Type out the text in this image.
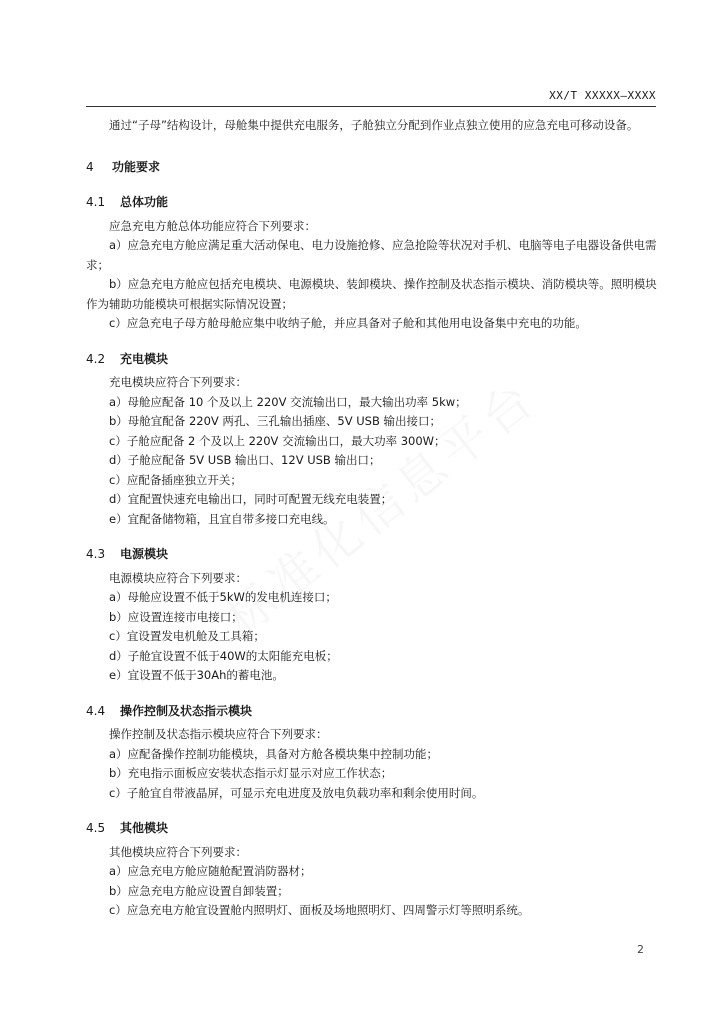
XX/T XXXXX—XXXX

通过“子母”结构设计，母舱集中提供充电服务，子舱独立分配到作业点独立使用的应急充电可移动设备。

4 功能要求
4.1 总体功能

应急充电方舱总体功能应符合下列要求：

a）应急充电方舱应满足重大活动保电、电力设施抢修、应急抢险等状况对手机、电脑等电子电器设备供电需求；

b）应急充电方舱应包括充电模块、电源模块、装卸模块、操作控制及状态指示模块、消防模块等。照明模块作为辅助功能模块可根据实际情况设置；

c）应急充电子母方舱母舱应集中收纳子舱，并应具备对子舱和其他用电设备集中充电的功能。

4.2 充电模块

充电模块应符合下列要求：

a）母舱应配备 10 个及以上 220V 交流输出口，最大输出功率 5kw；

b）母舱宜配备 220V 两孔、三孔输出插座、5V USB 输出接口；

c）子舱应配备 2 个及以上 220V 交流输出口，最大功率 300W；

d）子舱应配备 5V USB 输出口、12V USB 输出口；

c）应配备插座独立开关；

d）宜配置快速充电输出口，同时可配置无线充电装置；

e）宜配备储物箱，且宜自带多接口充电线。

4.3 电源模块

电源模块应符合下列要求：

a）母舱应设置不低于5kW的发电机连接口；

b）应设置连接市电接口；

c）宜设置发电机舱及工具箱；

d）子舱宜设置不低于40W的太阳能充电板；

e）宜设置不低于30Ah的蓄电池。

4.4 操作控制及状态指示模块

操作控制及状态指示模块应符合下列要求：

a）应配备操作控制功能模块，具备对方舱各模块集中控制功能；

b）充电指示面板应安装状态指示灯显示对应工作状态；

c）子舱宜自带液晶屏，可显示充电进度及放电负载功率和剩余使用时间。

4.5 其他模块

其他模块应符合下列要求：

a）应急充电方舱应随舱配置消防器材；

b）应急充电方舱应设置自卸装置；

c）应急充电方舱宜设置舱内照明灯、面板及场地照明灯、四周警示灯等照明系统。

2
